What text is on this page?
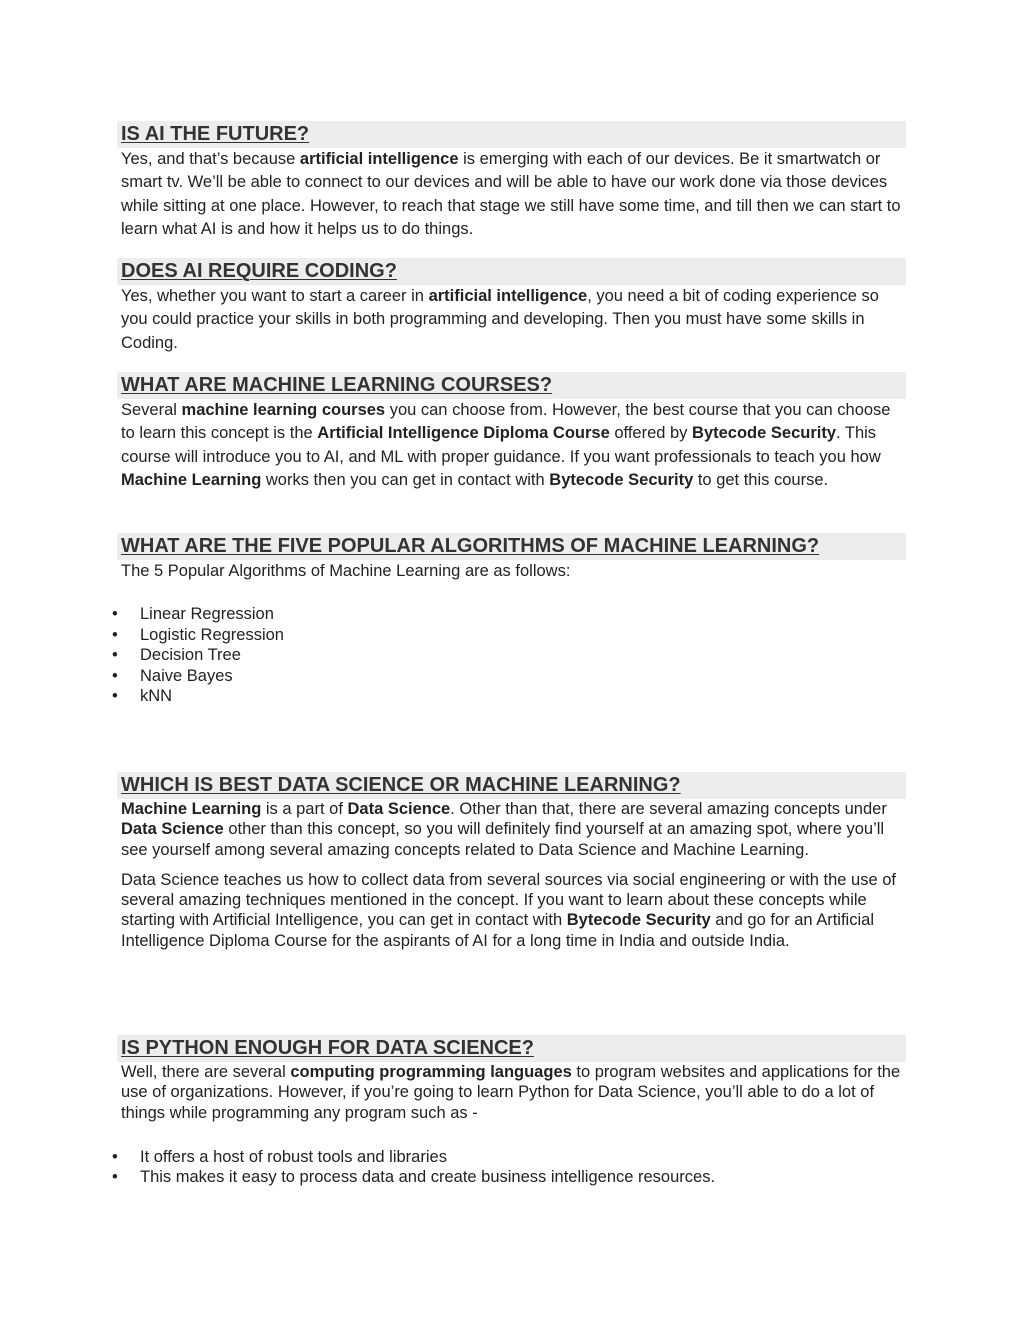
IS AI THE FUTURE?

Yes, and that’s because artificial intelligence is emerging with each of our devices. Be it smartwatch or smart tv. We’ll be able to connect to our devices and will be able to have our work done via those devices while sitting at one place. However, to reach that stage we still have some time, and till then we can start to learn what AI is and how it helps us to do things.

DOES AI REQUIRE CODING?

Yes, whether you want to start a career in artificial intelligence, you need a bit of coding experience so you could practice your skills in both programming and developing. Then you must have some skills in Coding.

WHAT ARE MACHINE LEARNING COURSES?

Several machine learning courses you can choose from. However, the best course that you can choose to learn this concept is the Artificial Intelligence Diploma Course offered by Bytecode Security. This course will introduce you to AI, and ML with proper guidance. If you want professionals to teach you how Machine Learning works then you can get in contact with Bytecode Security to get this course.

WHAT ARE THE FIVE POPULAR ALGORITHMS OF MACHINE LEARNING?

The 5 Popular Algorithms of Machine Learning are as follows:

• Linear Regression
• Logistic Regression
• Decision Tree
• Naive Bayes
• kNN
WHICH IS BEST DATA SCIENCE OR MACHINE LEARNING?

Machine Learning is a part of Data Science. Other than that, there are several amazing concepts under Data Science other than this concept, so you will definitely find yourself at an amazing spot, where you’ll see yourself among several amazing concepts related to Data Science and Machine Learning.

Data Science teaches us how to collect data from several sources via social engineering or with the use of several amazing techniques mentioned in the concept. If you want to learn about these concepts while starting with Artificial Intelligence, you can get in contact with Bytecode Security and go for an Artificial Intelligence Diploma Course for the aspirants of AI for a long time in India and outside India.

IS PYTHON ENOUGH FOR DATA SCIENCE?

Well, there are several computing programming languages to program websites and applications for the use of organizations. However, if you’re going to learn Python for Data Science, you’ll able to do a lot of things while programming any program such as -

• It offers a host of robust tools and libraries
• This makes it easy to process data and create business intelligence resources.
